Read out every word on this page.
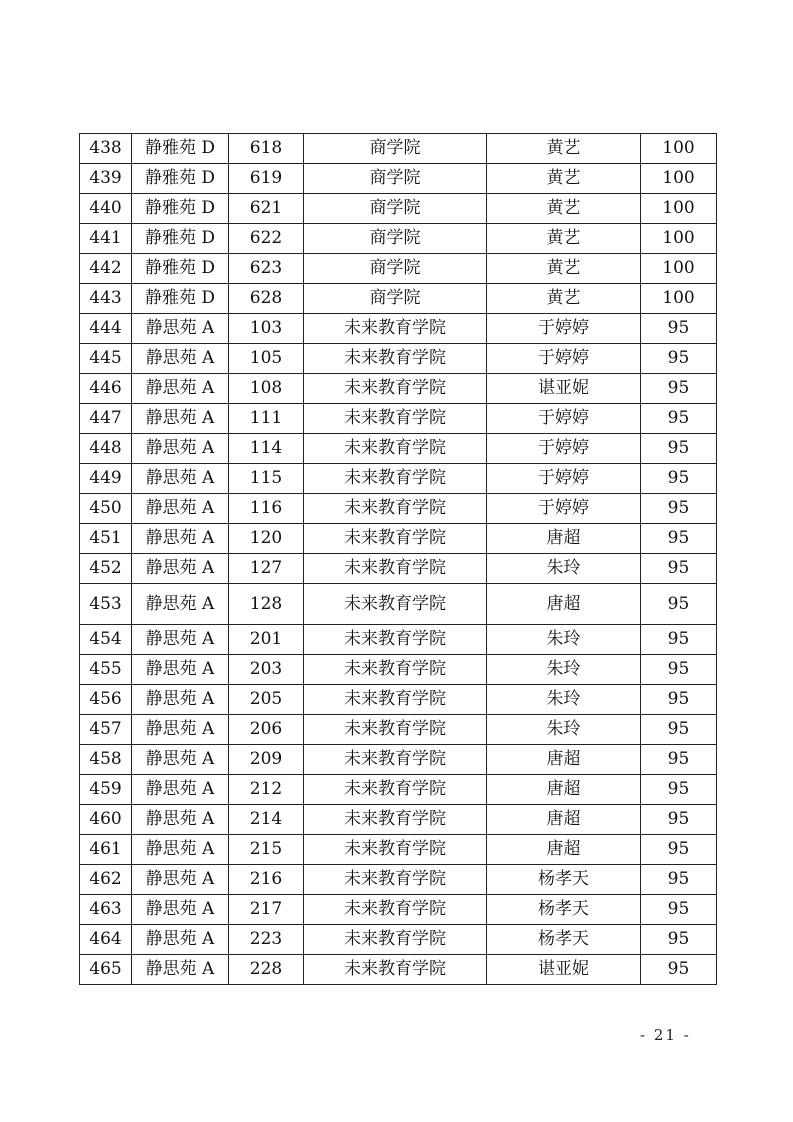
438	静雅苑 D	618	商学院	黄艺	100
439	静雅苑 D	619	商学院	黄艺	100
440	静雅苑 D	621	商学院	黄艺	100
441	静雅苑 D	622	商学院	黄艺	100
442	静雅苑 D	623	商学院	黄艺	100
443	静雅苑 D	628	商学院	黄艺	100
444	静思苑 A	103	未来教育学院	于婷婷	95
445	静思苑 A	105	未来教育学院	于婷婷	95
446	静思苑 A	108	未来教育学院	谌亚妮	95
447	静思苑 A	111	未来教育学院	于婷婷	95
448	静思苑 A	114	未来教育学院	于婷婷	95
449	静思苑 A	115	未来教育学院	于婷婷	95
450	静思苑 A	116	未来教育学院	于婷婷	95
451	静思苑 A	120	未来教育学院	唐超	95
452	静思苑 A	127	未来教育学院	朱玲	95
453	静思苑 A	128	未来教育学院	唐超	95
454	静思苑 A	201	未来教育学院	朱玲	95
455	静思苑 A	203	未来教育学院	朱玲	95
456	静思苑 A	205	未来教育学院	朱玲	95
457	静思苑 A	206	未来教育学院	朱玲	95
458	静思苑 A	209	未来教育学院	唐超	95
459	静思苑 A	212	未来教育学院	唐超	95
460	静思苑 A	214	未来教育学院	唐超	95
461	静思苑 A	215	未来教育学院	唐超	95
462	静思苑 A	216	未来教育学院	杨孝天	95
463	静思苑 A	217	未来教育学院	杨孝天	95
464	静思苑 A	223	未来教育学院	杨孝天	95
465	静思苑 A	228	未来教育学院	谌亚妮	95
- 21 -
